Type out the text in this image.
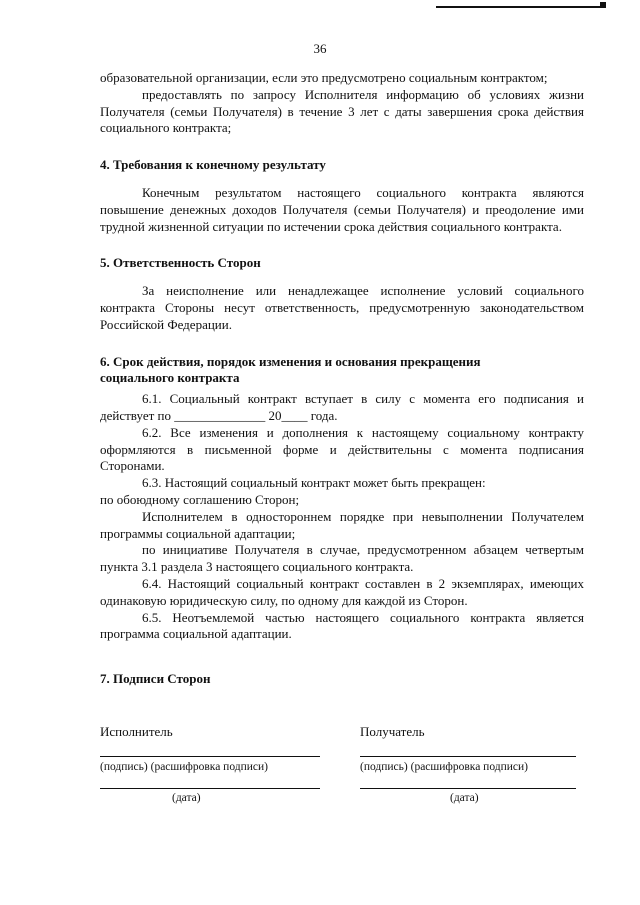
36

образовательной организации, если это предусмотрено социальным контрактом;

предоставлять по запросу Исполнителя информацию об условиях жизни Получателя (семьи Получателя) в течение 3 лет с даты завершения срока действия социального контракта;

4. Требования к конечному результату

Конечным результатом настоящего социального контракта являются повышение денежных доходов Получателя (семьи Получателя) и преодоление ими трудной жизненной ситуации по истечении срока действия социального контракта.

5. Ответственность Сторон

За неисполнение или ненадлежащее исполнение условий социального контракта Стороны несут ответственность, предусмотренную законодательством Российской Федерации.

6. Срок действия, порядок изменения и основания прекращения

социального контракта

6.1. Социальный контракт вступает в силу с момента его подписания и действует по ______________ 20____ года.

6.2. Все изменения и дополнения к настоящему социальному контракту оформляются в письменной форме и действительны с момента подписания Сторонами.

6.3. Настоящий социальный контракт может быть прекращен:

по обоюдному соглашению Сторон;

Исполнителем в одностороннем порядке при невыполнении Получателем программы социальной адаптации;

по инициативе Получателя в случае, предусмотренном абзацем четвертым пункта 3.1 раздела 3 настоящего социального контракта.

6.4. Настоящий социальный контракт составлен в 2 экземплярах, имеющих одинаковую юридическую силу, по одному для каждой из Сторон.

6.5. Неотъемлемой частью настоящего социального контракта является программа социальной адаптации.

7. Подписи Сторон

Исполнитель
(подпись) (расшифровка подписи)
(дата)
Получатель
(подпись) (расшифровка подписи)
(дата)
